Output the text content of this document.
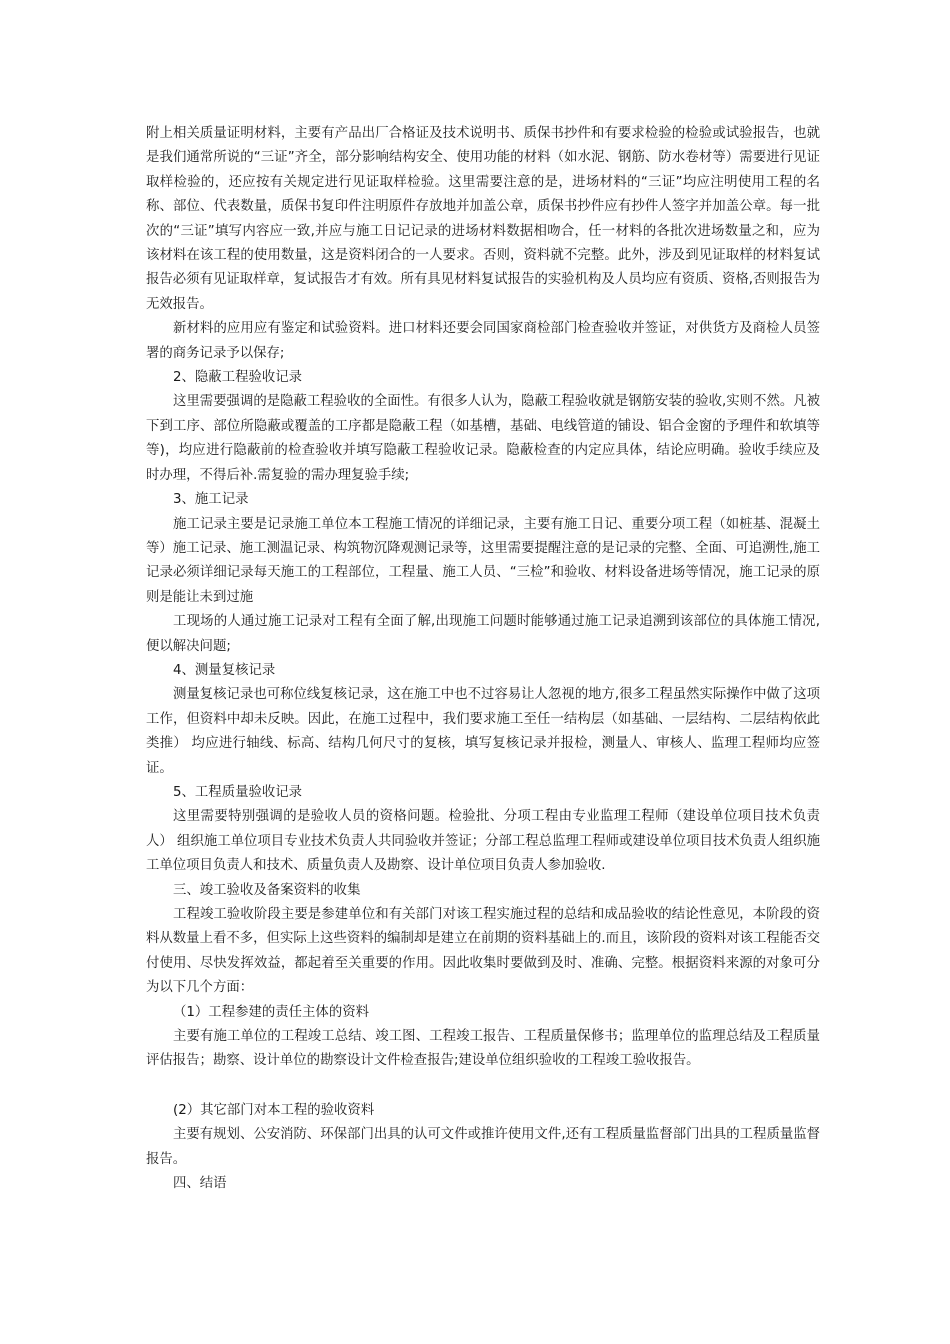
附上相关质量证明材料，主要有产品出厂合格证及技术说明书、质保书抄件和有要求检验的检验或试验报告，也就是我们通常所说的“三证”齐全，部分影响结构安全、使用功能的材料（如水泥、钢筋、防水卷材等）需要进行见证取样检验的，还应按有关规定进行见证取样检验。这里需要注意的是，进场材料的“三证”均应注明使用工程的名称、部位、代表数量，质保书复印件注明原件存放地并加盖公章，质保书抄件应有抄件人签字并加盖公章。每一批次的“三证”填写内容应一致,并应与施工日记记录的进场材料数据相吻合，任一材料的各批次进场数量之和，应为该材料在该工程的使用数量，这是资料闭合的一人要求。否则，资料就不完整。此外，涉及到见证取样的材料复试报告必须有见证取样章，复试报告才有效。所有具见材料复试报告的实验机构及人员均应有资质、资格,否则报告为无效报告。

新材料的应用应有鉴定和试验资料。进口材料还要会同国家商检部门检查验收并签证，对供货方及商检人员签署的商务记录予以保存;

2、隐蔽工程验收记录

这里需要强调的是隐蔽工程验收的全面性。有很多人认为，隐蔽工程验收就是钢筋安装的验收,实则不然。凡被下到工序、部位所隐蔽或覆盖的工序都是隐蔽工程（如基槽，基础、电线管道的铺设、铝合金窗的予理件和软填等等)，均应进行隐蔽前的检查验收并填写隐蔽工程验收记录。隐蔽检查的内定应具体，结论应明确。验收手续应及时办理，不得后补.需复验的需办理复验手续;

3、施工记录

施工记录主要是记录施工单位本工程施工情况的详细记录，主要有施工日记、重要分项工程（如桩基、混凝土等）施工记录、施工测温记录、构筑物沉降观测记录等，这里需要提醒注意的是记录的完整、全面、可追溯性,施工记录必须详细记录每天施工的工程部位，工程量、施工人员、“三检”和验收、材料设备进场等情况，施工记录的原则是能让未到过施

工现场的人通过施工记录对工程有全面了解,出现施工问题时能够通过施工记录追溯到该部位的具体施工情况,便以解决问题;

4、测量复核记录

测量复核记录也可称位线复核记录，这在施工中也不过容易让人忽视的地方,很多工程虽然实际操作中做了这项工作，但资料中却未反映。因此，在施工过程中，我们要求施工至任一结构层（如基础、一层结构、二层结构依此类推） 均应进行轴线、标高、结构几何尺寸的复核，填写复核记录并报检，测量人、审核人、监理工程师均应签证。

5、工程质量验收记录

这里需要特别强调的是验收人员的资格问题。检验批、分项工程由专业监理工程师（建设单位项目技术负责人） 组织施工单位项目专业技术负责人共同验收并签证；分部工程总监理工程师或建设单位项目技术负责人组织施工单位项目负责人和技术、质量负责人及勘察、设计单位项目负责人参加验收.

三、竣工验收及备案资料的收集

工程竣工验收阶段主要是参建单位和有关部门对该工程实施过程的总结和成品验收的结论性意见，本阶段的资料从数量上看不多，但实际上这些资料的编制却是建立在前期的资料基础上的.而且，该阶段的资料对该工程能否交付使用、尽快发挥效益，都起着至关重要的作用。因此收集时要做到及时、准确、完整。根据资料来源的对象可分为以下几个方面：

（1）工程参建的责任主体的资料

主要有施工单位的工程竣工总结、竣工图、工程竣工报告、工程质量保修书；监理单位的监理总结及工程质量评估报告；勘察、设计单位的勘察设计文件检查报告;建设单位组织验收的工程竣工验收报告。

(2）其它部门对本工程的验收资料

主要有规划、公安消防、环保部门出具的认可文件或推许使用文件,还有工程质量监督部门出具的工程质量监督报告。

四、结语
